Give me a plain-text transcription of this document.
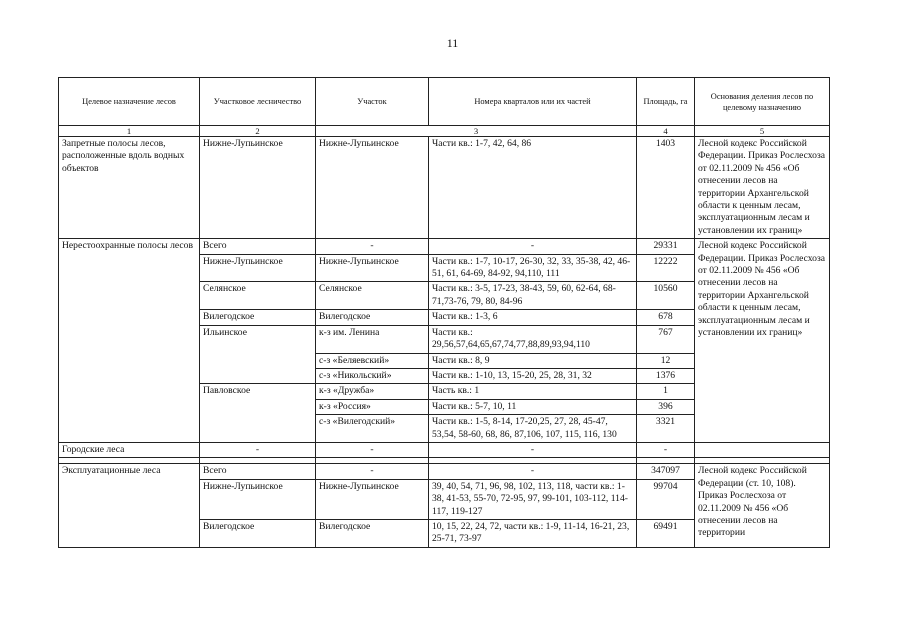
11
Целевое назначение лесов	Участковое лесничество	Участок	Номера кварталов или их частей	Площадь, га	Основания деления лесов по целевому назначению
1	2	3		4	5
Запретные полосы лесов, расположенные вдоль водных объектов	Нижне-Лупьинское	Нижне-Лупьинское	Части кв.: 1-7, 42, 64, 86	1403	Лесной кодекс Российской Федерации. Приказ Рослесхоза от 02.11.2009 № 456 «Об отнесении лесов на территории Архангельской области к ценным лесам, эксплуатационным лесам и установлении их границ»
Нерестоохранные полосы лесов	Всего	-	-	29331	Лесной кодекс Российской Федерации. Приказ Рослесхоза от 02.11.2009 № 456 «Об отнесении лесов на территории Архангельской области к ценным лесам, эксплуатационным лесам и установлении их границ»
	Нижне-Лупьинское	Нижне-Лупьинское	Части кв.: 1-7, 10-17, 26-30, 32, 33, 35-38, 42, 46-51, 61, 64-69, 84-92, 94,110, 111	12222	
	Селянское	Селянское	Части кв.: 3-5, 17-23, 38-43, 59, 60, 62-64, 68-71,73-76, 79, 80, 84-96	10560	
	Вилегодское	Вилегодское	Части кв.: 1-3, 6	678	
	Ильинское	к-з им. Ленина	Части кв.: 29,56,57,64,65,67,74,77,88,89,93,94,110	767	
		с-з «Беляевский»	Части кв.: 8, 9	12	
		с-з «Никольский»	Части кв.: 1-10, 13, 15-20, 25, 28, 31, 32	1376	
	Павловское	к-з «Дружба»	Часть кв.: 1	1	
		к-з «Россия»	Части кв.: 5-7, 10, 11	396	
		с-з «Вилегодский»	Части кв.: 1-5, 8-14, 17-20,25, 27, 28, 45-47, 53,54, 58-60, 68, 86, 87,106, 107, 115, 116, 130	3321	
Городские леса	-	-	-	-	

Эксплуатационные леса	Всего	-	-	347097	Лесной кодекс Российской Федерации (ст. 10, 108). Приказ Рослесхоза от 02.11.2009 № 456 «Об отнесении лесов на территории
	Нижне-Лупьинское	Нижне-Лупьинское	39, 40, 54, 71, 96, 98, 102, 113, 118, части кв.: 1-38, 41-53, 55-70, 72-95, 97, 99-101, 103-112, 114-117, 119-127	99704	
	Вилегодское	Вилегодское	10, 15, 22, 24, 72, части кв.: 1-9, 11-14, 16-21, 23, 25-71, 73-97	69491	
